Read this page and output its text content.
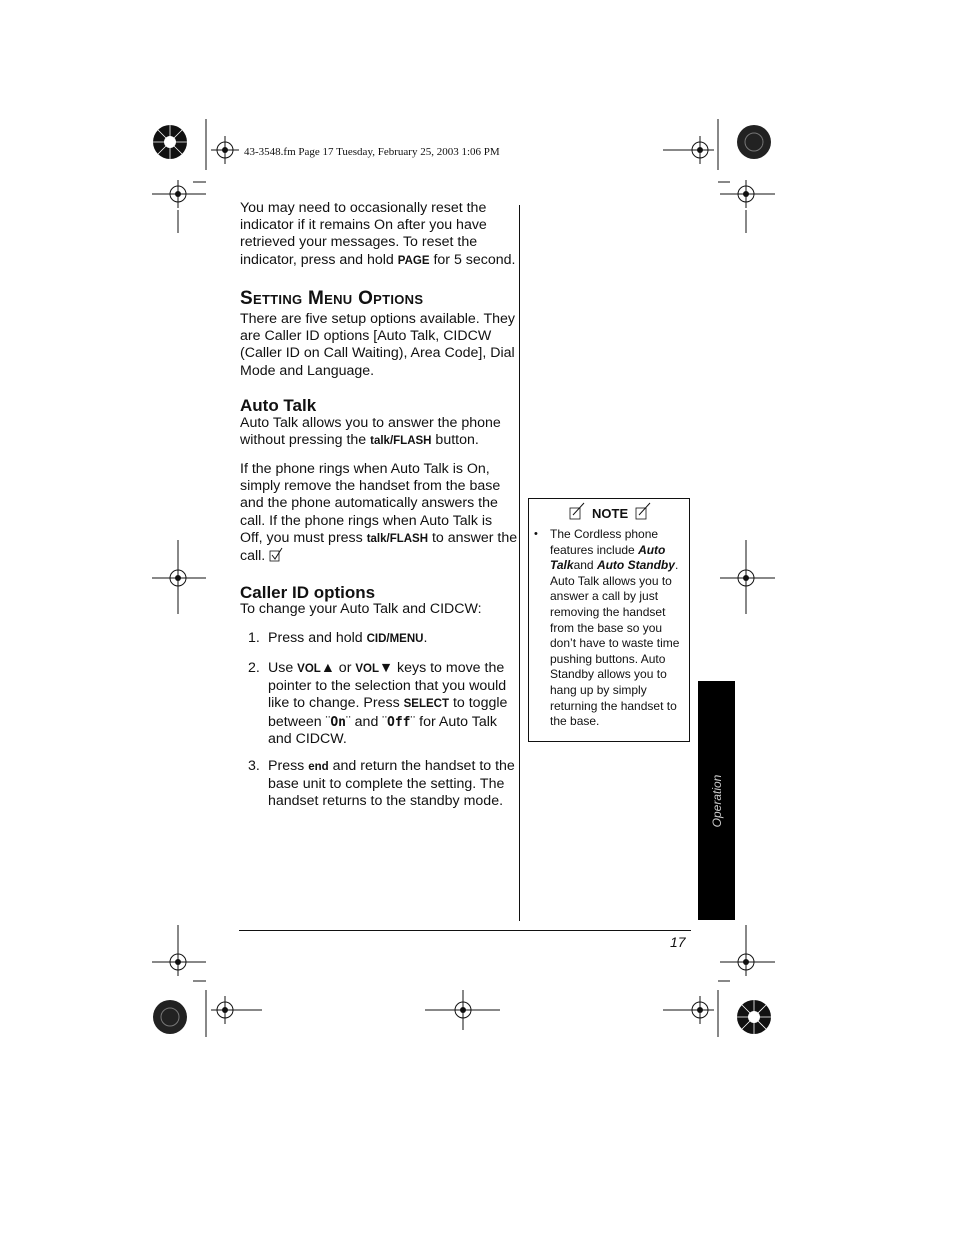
43-3548.fm Page 17 Tuesday, February 25, 2003 1:06 PM
You may need to occasionally reset the indicator if it remains On after you have retrieved your messages. To reset the indicator, press and hold PAGE for 5 second.
Setting Menu Options
There are five setup options available. They are Caller ID options [Auto Talk, CIDCW (Caller ID on Call Waiting), Area Code], Dial Mode and Language.
Auto Talk
Auto Talk allows you to answer the phone without pressing the talk/FLASH button.
If the phone rings when Auto Talk is On, simply remove the handset from the base and the phone automatically answers the call. If the phone rings when Auto Talk is Off, you must press talk/FLASH to answer the call.
Caller ID options
To change your Auto Talk and CIDCW:
1. Press and hold CID/MENU.
2. Use VOL▲ or VOL▼ keys to move the pointer to the selection that you would like to change. Press SELECT to toggle between ¨On¨ and ¨Off¨ for Auto Talk and CIDCW.
3. Press end and return the handset to the base unit to complete the setting. The handset returns to the standby mode.
NOTE
• The Cordless phone features include Auto Talkand Auto Standby. Auto Talk allows you to answer a call by just removing the handset from the base so you don’t have to waste time pushing buttons. Auto Standby allows you to hang up by simply returning the handset to the base.
Operation
17
